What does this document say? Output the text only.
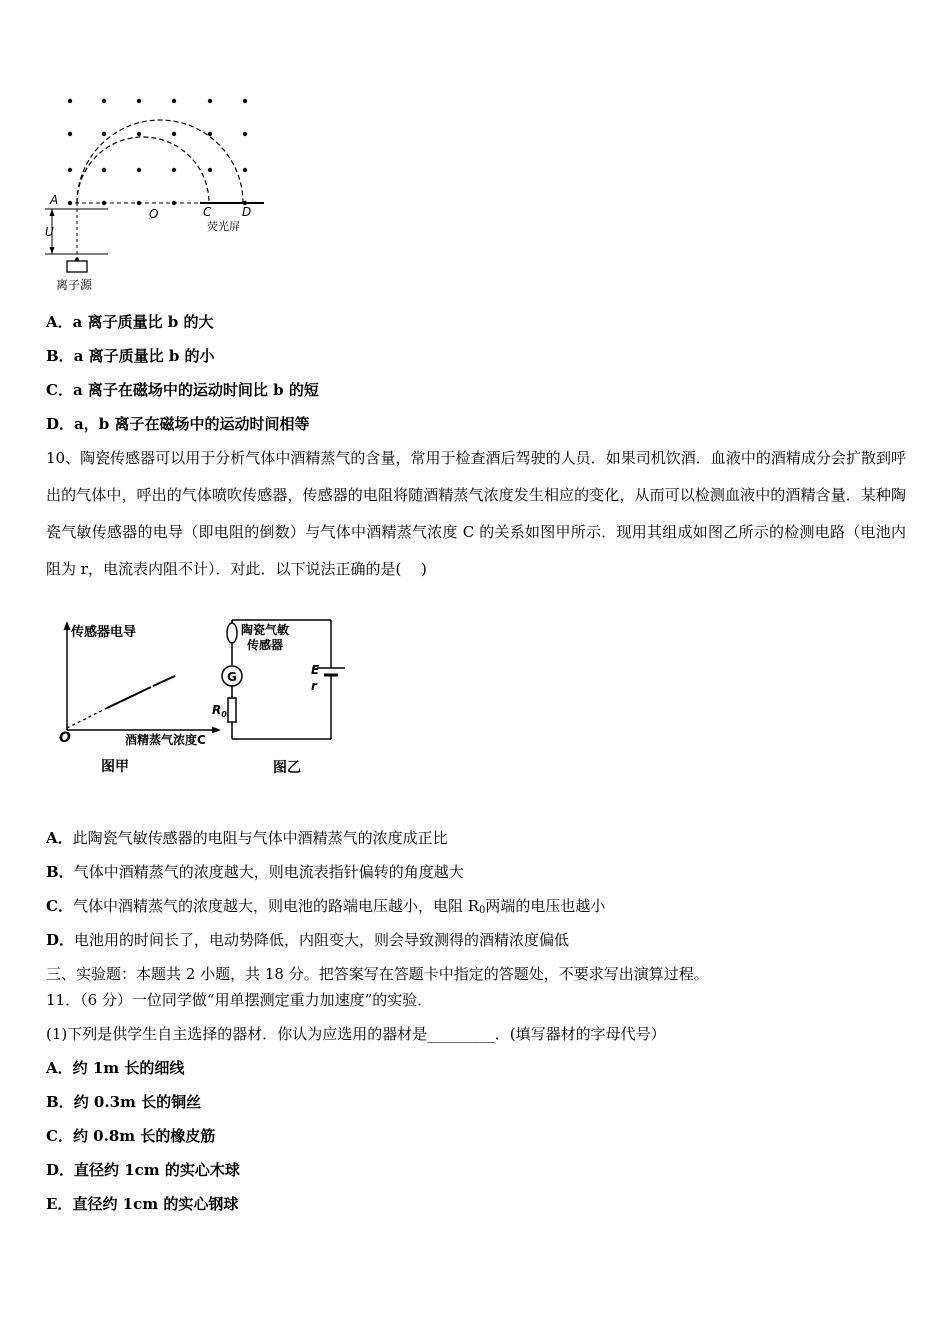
A
O	C	D
U	荧光屏
离子源
A．a 离子质量比 b 的大
B．a 离子质量比 b 的小
C．a 离子在磁场中的运动时间比 b 的短
D．a，b 离子在磁场中的运动时间相等
10、陶瓷传感器可以用于分析气体中酒精蒸气的含量，常用于检查酒后驾驶的人员．如果司机饮酒．血液中的酒精成分会扩散到呼出的气体中，呼出的气体喷吹传感器，传感器的电阻将随酒精蒸气浓度发生相应的变化，从而可以检测血液中的酒精含量．某种陶瓷气敏传感器的电导（即电阻的倒数）与气体中酒精蒸气浓度 C 的关系如图甲所示．现用其组成如图乙所示的检测电路（电池内阻为 r，电流表内阻不计）．对此．以下说法正确的是(　 )
传感器电导
酒精蒸气浓度C
O
图甲
陶瓷气敏
传感器
G
$R_0$
E
r
图乙
A．此陶瓷气敏传感器的电阻与气体中酒精蒸气的浓度成正比
B．气体中酒精蒸气的浓度越大，则电流表指针偏转的角度越大
C．气体中酒精蒸气的浓度越大，则电池的路端电压越小，电阻 $R_0$两端的电压也越小
D．电池用的时间长了，电动势降低，内阻变大，则会导致测得的酒精浓度偏低
三、实验题：本题共 2 小题，共 18 分。把答案写在答题卡中指定的答题处，不要求写出演算过程。
11．（6 分）一位同学做“用单摆测定重力加速度”的实验．
(1)下列是供学生自主选择的器材．你认为应选用的器材是_________．(填写器材的字母代号）
A．约 1m 长的细线
B．约 0.3m 长的铜丝
C．约 0.8m 长的橡皮筋
D．直径约 1cm 的实心木球
E．直径约 1cm 的实心钢球
